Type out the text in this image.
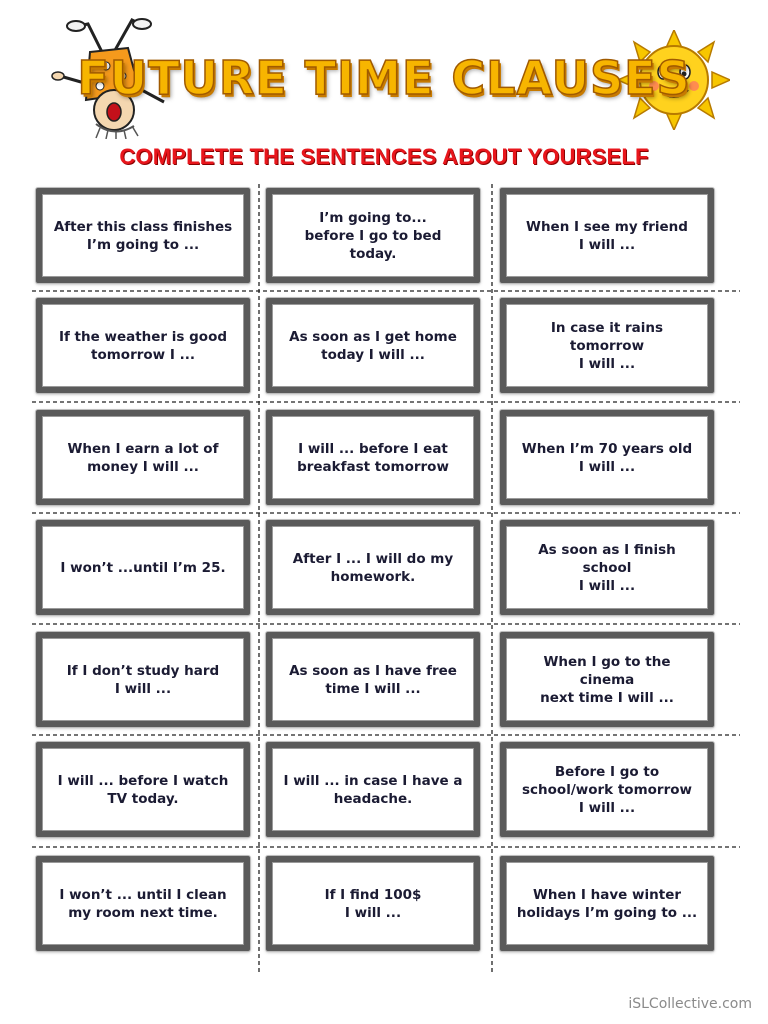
FUTURE TIME CLAUSES
COMPLETE THE SENTENCES ABOUT YOURSELF
After this class finishes
I’m going to ...
I’m going to...
before I go to bed today.
When I see my friend
I will ...
If the weather is good
tomorrow I ...
As soon as I get home
today I will ...
In case it rains tomorrow
I will ...
When I earn a lot of
money I will ...
I will ... before I eat
breakfast tomorrow
When I’m 70 years old
I will ...
I won’t ...until I’m 25.
After I ... I will do my
homework.
As soon as I finish school
I will ...
If I don’t study hard
I will ...
As soon as I have free
time I will ...
When I go to the cinema
next time I will ...
I will ... before I watch
TV today.
I will ... in case I have a
headache.
Before I go to
school/work tomorrow
I will ...
I won’t ... until I clean
my room next time.
If I find 100$
I will ...
When I have winter
holidays I’m going to ...
iSLCollective.com
